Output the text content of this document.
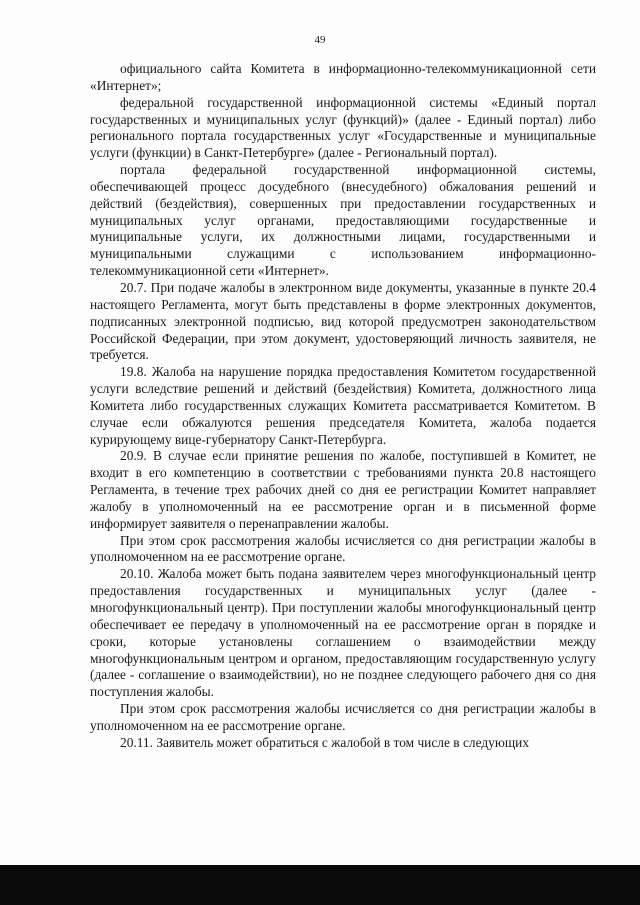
49

официального сайта Комитета в информационно-телекоммуникационной сети «Интернет»;

федеральной государственной информационной системы «Единый портал государственных и муниципальных услуг (функций)» (далее - Единый портал) либо регионального портала государственных услуг «Государственные и муниципальные услуги (функции) в Санкт-Петербурге» (далее - Региональный портал).

портала федеральной государственной информационной системы, обеспечивающей процесс досудебного (внесудебного) обжалования решений и действий (бездействия), совершенных при предоставлении государственных и муниципальных услуг органами, предоставляющими государственные и муниципальные услуги, их должностными лицами, государственными и муниципальными служащими с использованием информационно-телекоммуникационной сети «Интернет».

20.7. При подаче жалобы в электронном виде документы, указанные в пункте 20.4 настоящего Регламента, могут быть представлены в форме электронных документов, подписанных электронной подписью, вид которой предусмотрен законодательством Российской Федерации, при этом документ, удостоверяющий личность заявителя, не требуется.

19.8. Жалоба на нарушение порядка предоставления Комитетом государственной услуги вследствие решений и действий (бездействия) Комитета, должностного лица Комитета либо государственных служащих Комитета рассматривается Комитетом. В случае если обжалуются решения председателя Комитета, жалоба подается курирующему вице-губернатору Санкт-Петербурга.

20.9. В случае если принятие решения по жалобе, поступившей в Комитет, не входит в его компетенцию в соответствии с требованиями пункта 20.8 настоящего Регламента, в течение трех рабочих дней со дня ее регистрации Комитет направляет жалобу в уполномоченный на ее рассмотрение орган и в письменной форме информирует заявителя о перенаправлении жалобы.

При этом срок рассмотрения жалобы исчисляется со дня регистрации жалобы в уполномоченном на ее рассмотрение органе.

20.10. Жалоба может быть подана заявителем через многофункциональный центр предоставления государственных и муниципальных услуг (далее - многофункциональный центр). При поступлении жалобы многофункциональный центр обеспечивает ее передачу в уполномоченный на ее рассмотрение орган в порядке и сроки, которые установлены соглашением о взаимодействии между многофункциональным центром и органом, предоставляющим государственную услугу (далее - соглашение о взаимодействии), но не позднее следующего рабочего дня со дня поступления жалобы.

При этом срок рассмотрения жалобы исчисляется со дня регистрации жалобы в уполномоченном на ее рассмотрение органе.

20.11. Заявитель может обратиться с жалобой в том числе в следующих
